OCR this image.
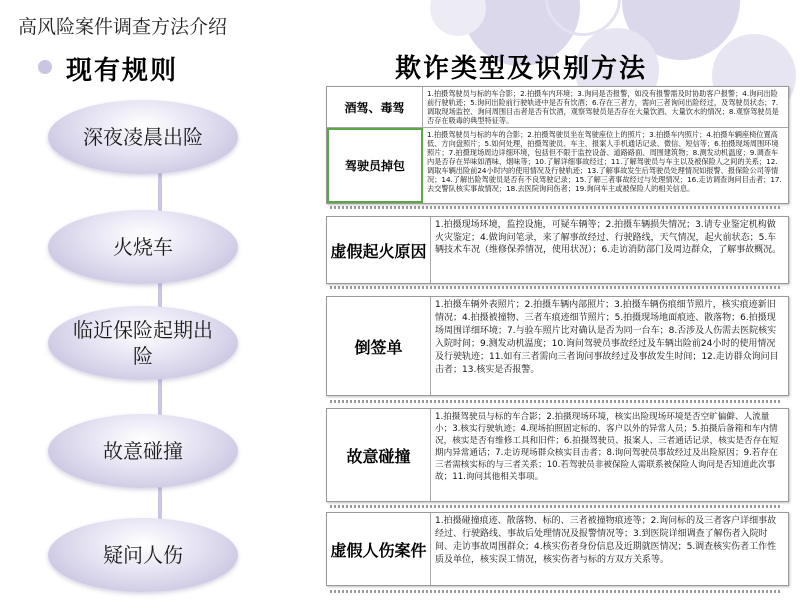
高风险案件调查方法介绍
现有规则	欺诈类型及识别方法
深夜凌晨出险
火烧车
临近保险起期出险
故意碰撞
疑问人伤
酒驾、毒驾
1.拍摄驾驶员与标的车合影；2.拍摄车内环境；3.询问是否报警，如没有报警需及时协助客户报警；4.询问出险前行驶轨迹；5.询问出险前行驶轨迹中是否有饮酒；6.存在三者方，需向三者询问出险经过，及驾驶员状态；7.调取现场监控、询问周围目击者是否有饮酒，观察驾驶员是否存在大量饮酒、大量饮水的情况；8.观察驾驶员是否存在吸毒的典型特征等。
驾驶员掉包
1.拍摄驾驶员与标的车的合影；2.拍摄驾驶员坐在驾驶座位上的照片；3.拍摄车内照片；4.拍摄车辆座椅位置高低、方向盘照片；5.如何处理，拍摄驾驶员、车主、报案人手机通话记录、微信、短信等；6.拍摄现场周围环境照片；7.拍摄现场周边详细环境，包括但不限于监控设备、道路路面、周围建筑物；8.测发动机温度；9.调查车内是否存在异味如酒味、烟味等；10.了解详细事故经过；11.了解驾驶员与车主以及被保险人之间的关系；12.调取车辆出险前24小时内的使用情况及行驶轨迹；13.了解事故发生后驾驶员处理情况如报警、报保险公司等情况；14.了解出险驾驶员是否有不良驾驶记录；15.了解三者事故经过与处理情况；16.走访调查询问目击者；17.去交警队核实事故情况；18.去医院询问伤者；19.询问车主或被保险人的相关信息。
虚假起火原因
1.拍摄现场环境，监控设施，可疑车辆等；2.拍摄车辆损失情况；3.请专业鉴定机构做火灾鉴定；4.做询问笔录，来了解事故经过、行驶路线，天气情况，起火前状态；5.车辆技术车况（维修保养情况，使用状况）；6.走访消防部门及周边群众，了解事故概况。
倒签单
1.拍摄车辆外表照片；2.拍摄车辆内部照片；3.拍摄车辆伤痕细节照片，核实痕迹新旧情况；4.拍摄被撞物、三者车痕迹细节照片；5.拍摄现场地面痕迹、散落物；6.拍摄现场周围详细环境；7.与验车照片比对确认是否为同一台车；8.否涉及人伤需去医院核实入院时间；9.测发动机温度；10.询问驾驶员事故经过及车辆出险前24小时的使用情况及行驶轨迹；11.如有三者需向三者询问事故经过及事故发生时间；12.走访群众询问目击者；13.核实是否报警。
故意碰撞
1.拍摄驾驶员与标的车合影；2.拍摄现场环境，核实出险现场环境是否空旷偏僻、人流量小；3.核实行驶轨迹；4.现场拍照固定标的、客户以外的异常人员；5.拍摄后备箱和车内情况，核实是否有维修工具和旧件；6.拍摄驾驶员、报案人、三者通话记录，核实是否存在短期内异常通话；7.走访现场群众核实目击者；8.询问驾驶员事故经过及出险原因；9.若存在三者需核实标的与三者关系；10.若驾驶员非被保险人需联系被保险人询问是否知道此次事故；11.询问其他相关事项。
虚假人伤案件
1.拍摄碰撞痕迹、散落物、标的、三者被撞物痕迹等；2.询问标的及三者客户详细事故经过、行驶路线、事故后处理情况及报警情况等；3.到医院详细调查了解伤者入院时间、走访事故周围群众；4.核实伤者身份信息及近期就医情况；5.调查核实伤者工作性质及单位，核实误工情况，核实伤者与标的方双方关系等。
